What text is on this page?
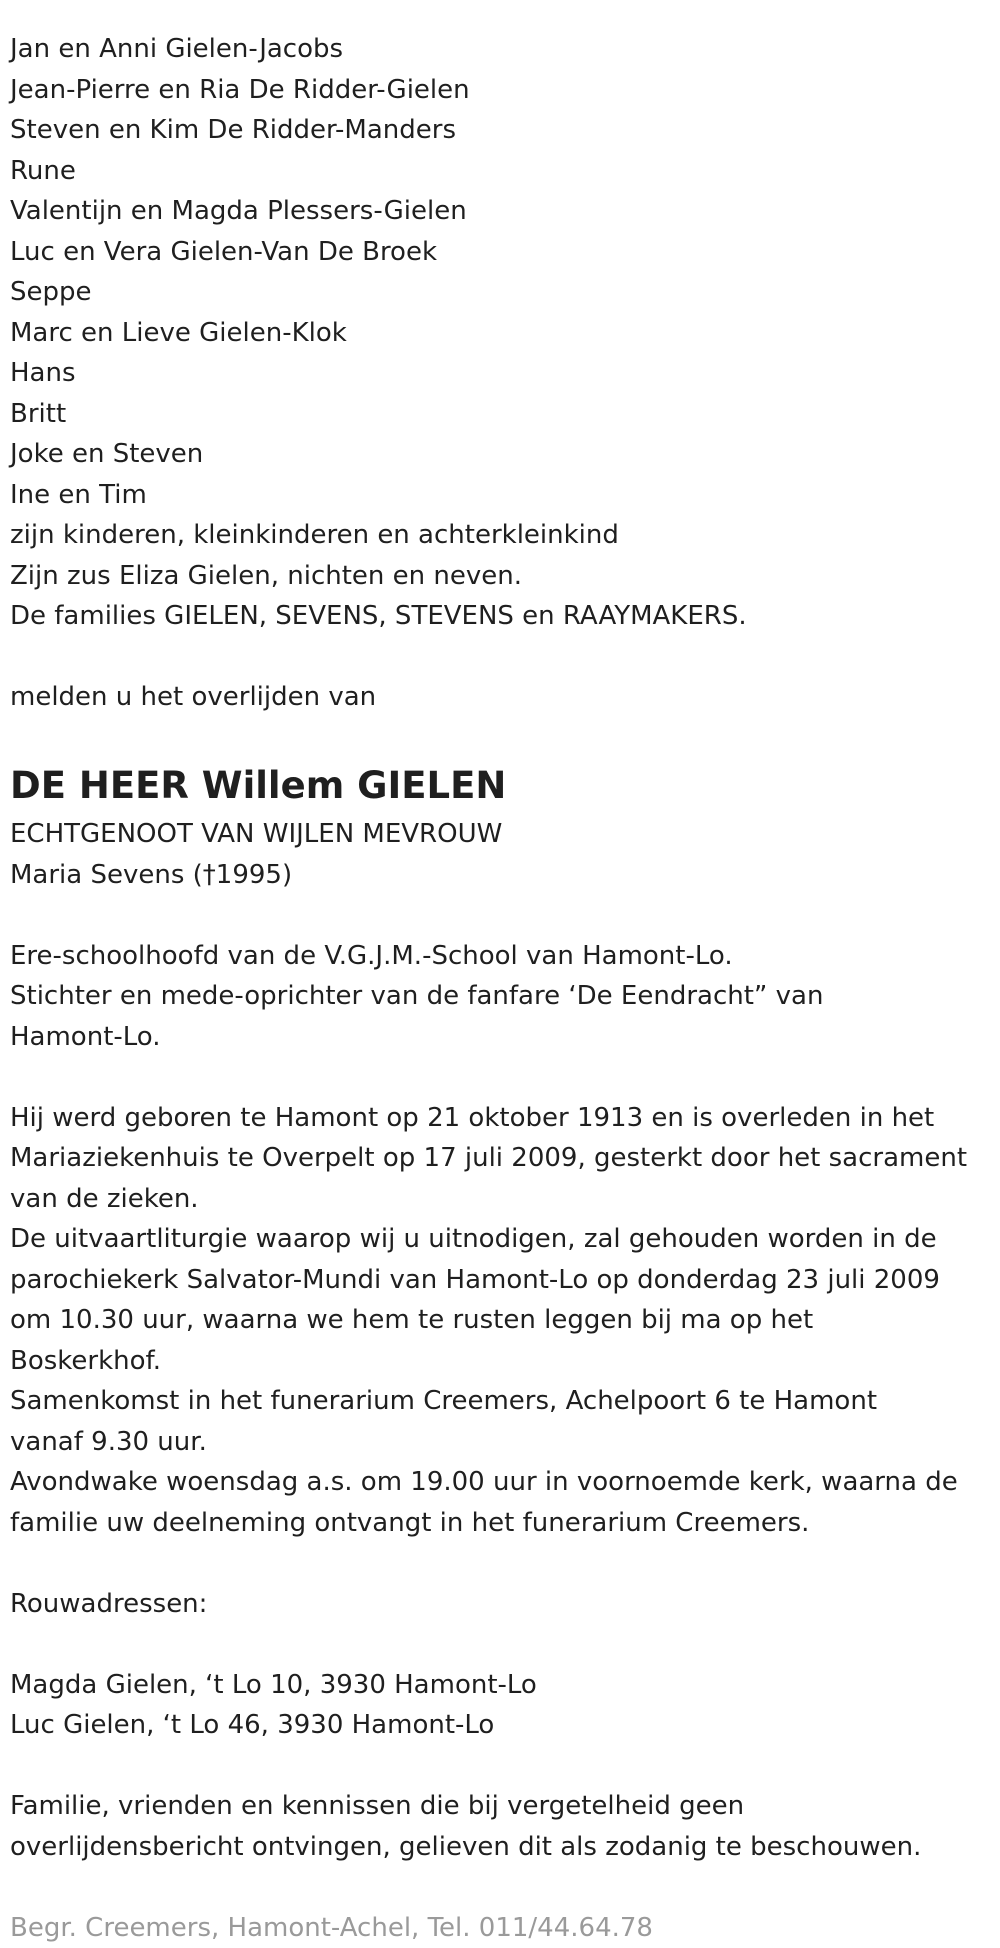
Jan en Anni Gielen-Jacobs
Jean-Pierre en Ria De Ridder-Gielen
Steven en Kim De Ridder-Manders
Rune
Valentijn en Magda Plessers-Gielen
Luc en Vera Gielen-Van De Broek
Seppe
Marc en Lieve Gielen-Klok
Hans
Britt
Joke en Steven
Ine en Tim
zijn kinderen, kleinkinderen en achterkleinkind
Zijn zus Eliza Gielen, nichten en neven.
De families GIELEN, SEVENS, STEVENS en RAAYMAKERS.
melden u het overlijden van
DE HEER Willem GIELEN
ECHTGENOOT VAN WIJLEN MEVROUW
Maria Sevens (†1995)
Ere-schoolhoofd van de V.G.J.M.-School van Hamont-Lo.
Stichter en mede-oprichter van de fanfare ‘De Eendracht” van
Hamont-Lo.
Hij werd geboren te Hamont op 21 oktober 1913 en is overleden in het
Mariaziekenhuis te Overpelt op 17 juli 2009, gesterkt door het sacrament
van de zieken.
De uitvaartliturgie waarop wij u uitnodigen, zal gehouden worden in de
parochiekerk Salvator-Mundi van Hamont-Lo op donderdag 23 juli 2009
om 10.30 uur, waarna we hem te rusten leggen bij ma op het
Boskerkhof.
Samenkomst in het funerarium Creemers, Achelpoort 6 te Hamont
vanaf 9.30 uur.
Avondwake woensdag a.s. om 19.00 uur in voornoemde kerk, waarna de
familie uw deelneming ontvangt in het funerarium Creemers.
Rouwadressen:
Magda Gielen, ‘t Lo 10, 3930 Hamont-Lo
Luc Gielen, ‘t Lo 46, 3930 Hamont-Lo
Familie, vrienden en kennissen die bij vergetelheid geen
overlijdensbericht ontvingen, gelieven dit als zodanig te beschouwen.
Begr. Creemers, Hamont-Achel, Tel. 011/44.64.78
